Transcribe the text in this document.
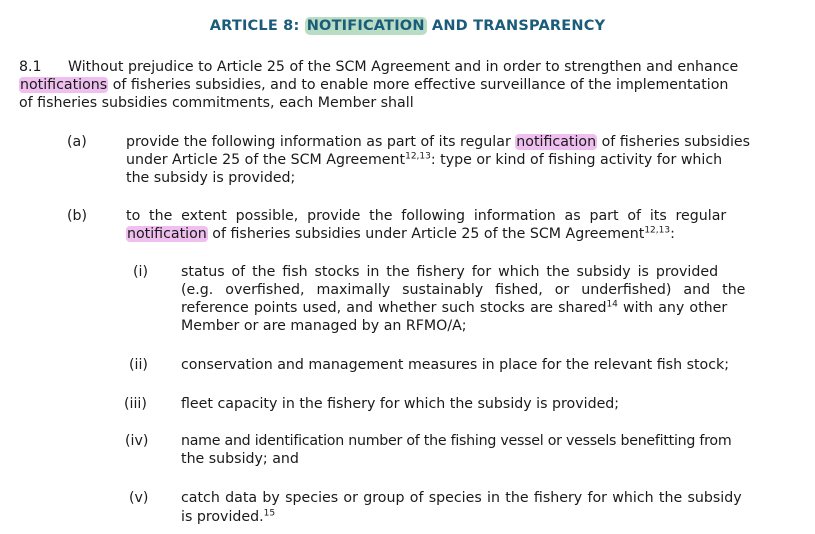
ARTICLE 8: NOTIFICATION AND TRANSPARENCY
8.1 Without prejudice to Article 25 of the SCM Agreement and in order to strengthen and enhance
notifications of fisheries subsidies, and to enable more effective surveillance of the implementation
of fisheries subsidies commitments, each Member shall
(a)	provide the following information as part of its regular notification of fisheries subsidies
under Article 25 of the SCM Agreement$^{12,13}$: type or kind of fishing activity for which
the subsidy is provided;
(b)	to the extent possible, provide the following information as part of its regular
notification of fisheries subsidies under Article 25 of the SCM Agreement$^{12,13}$:
(i) status of the fish stocks in the fishery for which the subsidy is provided
(e.g. overfished, maximally sustainably fished, or underfished) and the
reference points used, and whether such stocks are shared$^{14}$ with any other
Member or are managed by an RFMO/A;
(ii) conservation and management measures in place for the relevant fish stock;
(iii) fleet capacity in the fishery for which the subsidy is provided;
(iv) name and identification number of the fishing vessel or vessels benefitting from
the subsidy; and
(v) catch data by species or group of species in the fishery for which the subsidy
is provided.$^{15}$
